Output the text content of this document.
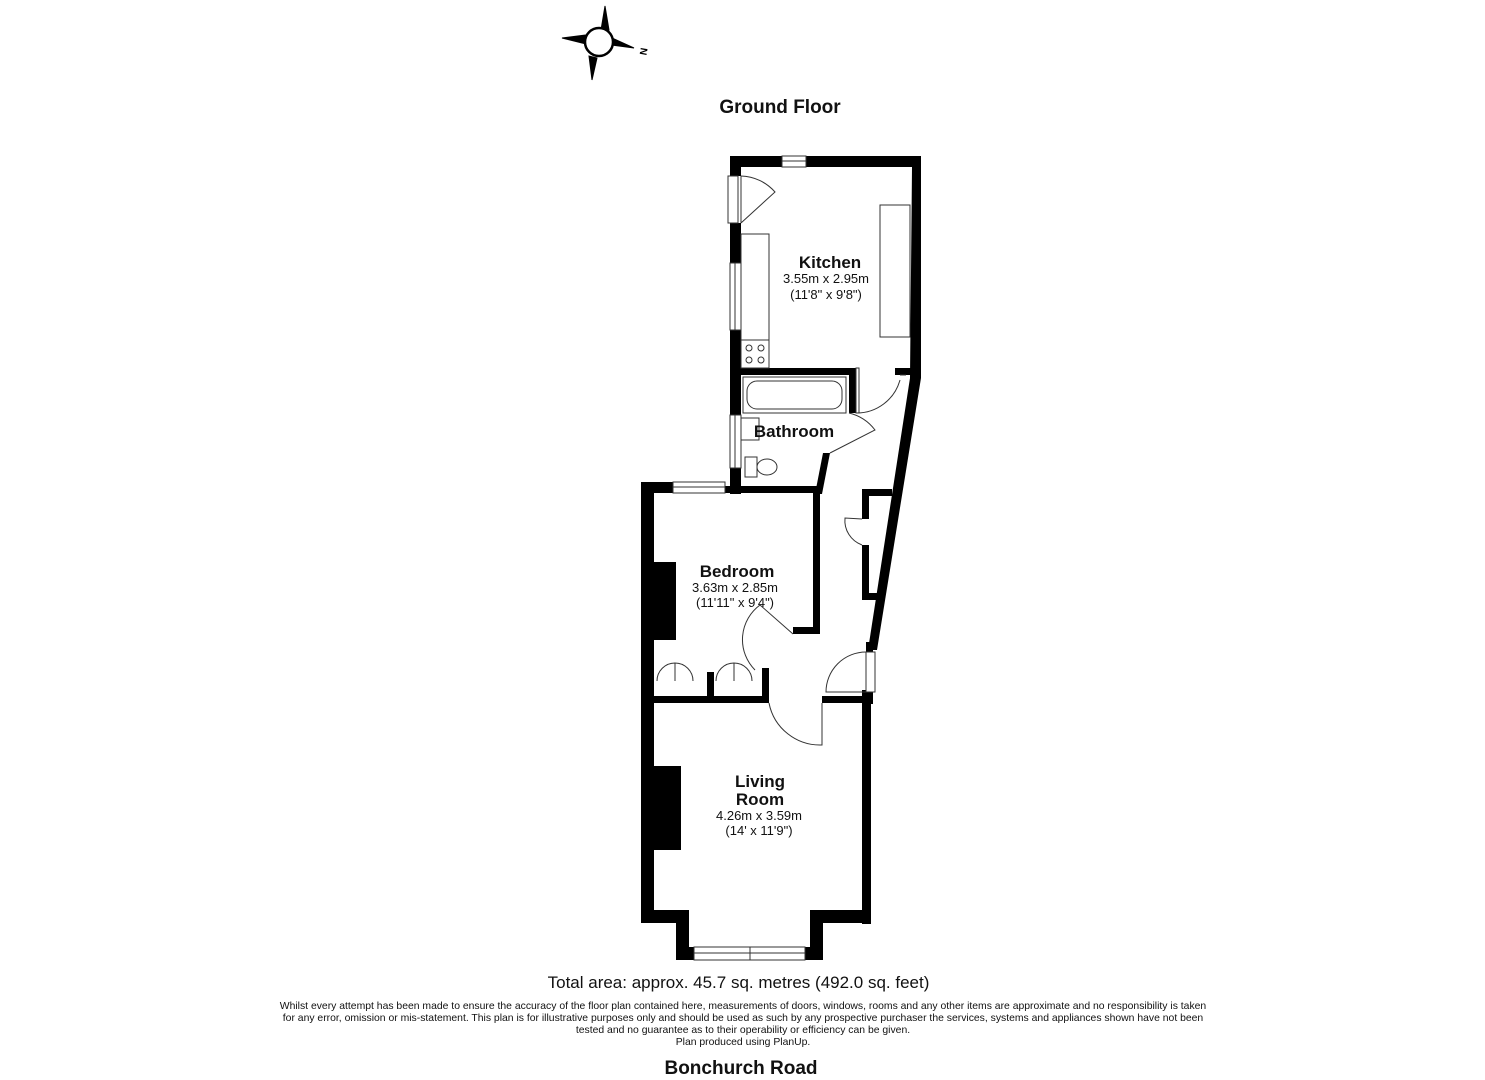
N
Ground Floor
Kitchen
3.55m x 2.95m
(11'8" x 9'8")
Bathroom
Bedroom
3.63m x 2.85m
(11'11" x 9'4")
Living
Room
4.26m x 3.59m
(14' x 11'9")
Total area: approx. 45.7 sq. metres (492.0 sq. feet)
Whilst every attempt has been made to ensure the accuracy of the floor plan contained here, measurements of doors, windows, rooms and any other items are approximate and no responsibility is taken for any error, omission or mis-statement. This plan is for illustrative purposes only and should be used as such by any prospective purchaser the services, systems and appliances shown have not been tested and no guarantee as to their operability or efficiency can be given.
Plan produced using PlanUp.
Bonchurch Road
